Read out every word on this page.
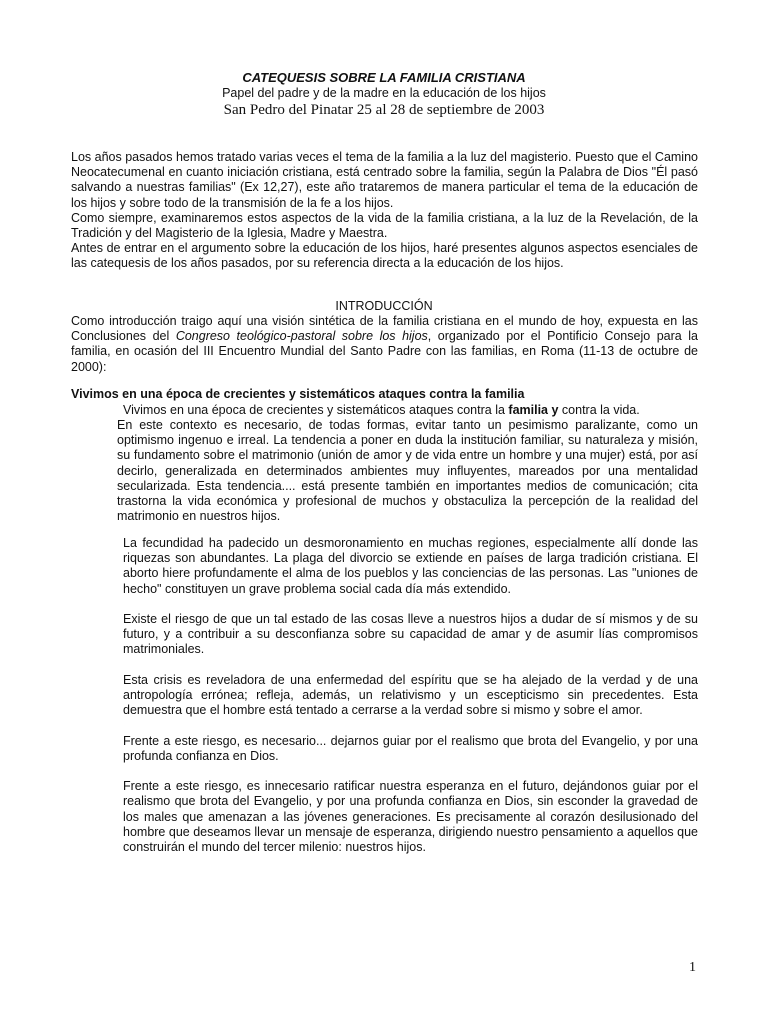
CATEQUESIS SOBRE LA FAMILIA CRISTIANA
Papel del padre y de la madre en la educación de los hijos
San Pedro del Pinatar 25 al 28 de septiembre de 2003

Los años pasados hemos tratado varias veces el tema de la familia a la luz del magisterio. Puesto que el Camino Neocatecumenal en cuanto iniciación cristiana, está centrado sobre la familia, según la Palabra de Dios "Él pasó salvando a nuestras familias" (Ex 12,27), este año trataremos de manera particular el tema de la educación de los hijos y sobre todo de la transmisión de la fe a los hijos.

Como siempre, examinaremos estos aspectos de la vida de la familia cristiana, a la luz de la Revelación, de la Tradición y del Magisterio de la Iglesia, Madre y Maestra.

Antes de entrar en el argumento sobre la educación de los hijos, haré presentes algunos aspectos esenciales de las catequesis de los años pasados, por su referencia directa a la educación de los hijos.

INTRODUCCIÓN

Como introducción traigo aquí una visión sintética de la familia cristiana en el mundo de hoy, expuesta en las Conclusiones del Congreso teológico-pastoral sobre los hijos, organizado por el Pontificio Consejo para la familia, en ocasión del III Encuentro Mundial del Santo Padre con las familias, en Roma (11-13 de octubre de 2000):

Vivimos en una época de crecientes y sistemáticos ataques contra la familia
Vivimos en una época de crecientes y sistemáticos ataques contra la familia y contra la vida.

En este contexto es necesario, de todas formas, evitar tanto un pesimismo paralizante, como un optimismo ingenuo e irreal. La tendencia a poner en duda la institución familiar, su naturaleza y misión, su fundamento sobre el matrimonio (unión de amor y de vida entre un hombre y una mujer) está, por así decirlo, generalizada en determinados ambientes muy influyentes, mareados por una mentalidad secularizada. Esta tendencia.... está presente también en importantes medios de comunicación; cita trastorna la vida económica y profesional de muchos y obstaculiza la percepción de la realidad del matrimonio en nuestros hijos.

La fecundidad ha padecido un desmoronamiento en muchas regiones, especialmente allí donde las riquezas son abundantes. La plaga del divorcio se extiende en países de larga tradición cristiana. El aborto hiere profundamente el alma de los pueblos y las conciencias de las personas. Las "uniones de hecho" constituyen un grave problema social cada día más extendido.

Existe el riesgo de que un tal estado de las cosas lleve a nuestros hijos a dudar de sí mismos y de su futuro, y a contribuir a su desconfianza sobre su capacidad de amar y de asumir lías compromisos matrimoniales.

Esta crisis es reveladora de una enfermedad del espíritu que se ha alejado de la verdad y de una antropología errónea; refleja, además, un relativismo y un escepticismo sin precedentes. Esta demuestra que el hombre está tentado a cerrarse a la verdad sobre si mismo y sobre el amor.

Frente a este riesgo, es necesario... dejarnos guiar por el realismo que brota del Evangelio, y por una profunda confianza en Dios.

Frente a este riesgo, es innecesario ratificar nuestra esperanza en el futuro, dejándonos guiar por el realismo que brota del Evangelio, y por una profunda confianza en Dios, sin esconder la gravedad de los males que amenazan a las jóvenes generaciones. Es precisamente al corazón desilusionado del hombre que deseamos llevar un mensaje de esperanza, dirigiendo nuestro pensamiento a aquellos que construirán el mundo del tercer milenio: nuestros hijos.

1
